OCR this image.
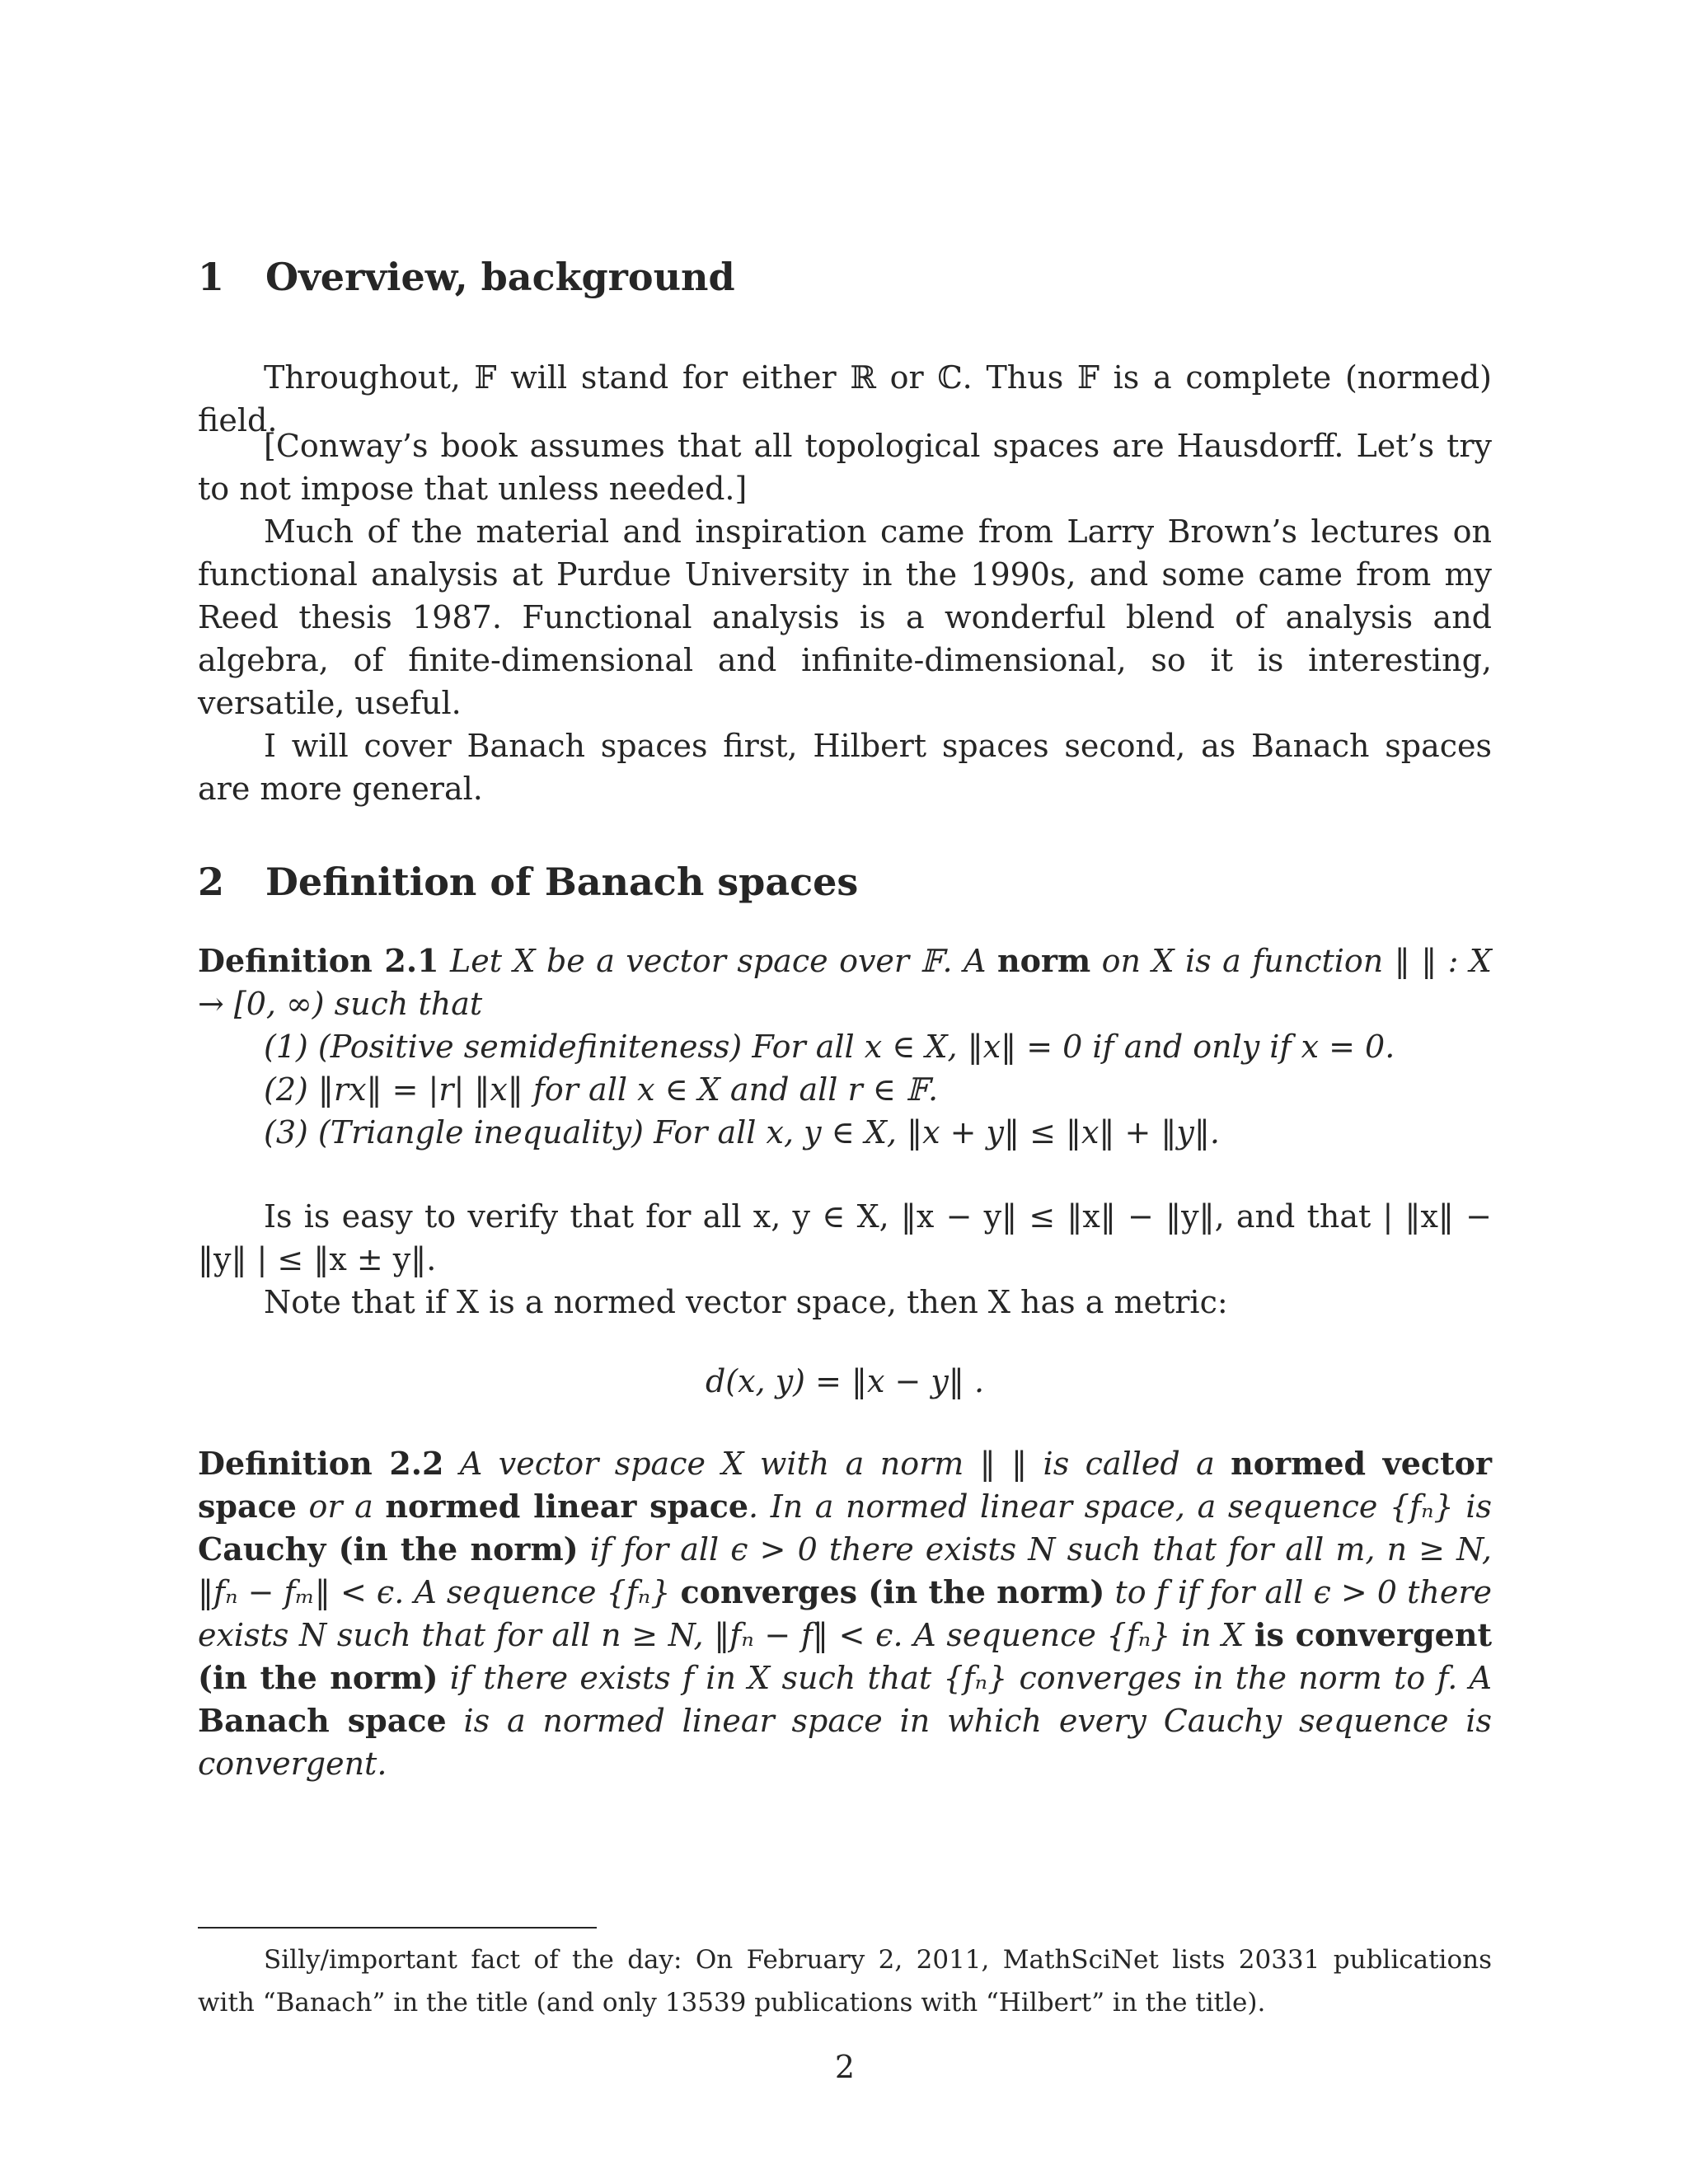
1 Overview, background

Throughout, 𝔽 will stand for either ℝ or ℂ. Thus 𝔽 is a complete (normed) field.

[Conway’s book assumes that all topological spaces are Hausdorff. Let’s try to not impose that unless needed.]

Much of the material and inspiration came from Larry Brown’s lectures on functional analysis at Purdue University in the 1990s, and some came from my Reed thesis 1987. Functional analysis is a wonderful blend of analysis and algebra, of finite-dimensional and infinite-dimensional, so it is interesting, versatile, useful.

I will cover Banach spaces first, Hilbert spaces second, as Banach spaces are more general.

2 Definition of Banach spaces

Definition 2.1 Let X be a vector space over 𝔽. A norm on X is a function ‖ ‖ : X → [0, ∞) such that

(1) (Positive semidefiniteness) For all x ∈ X, ‖x‖ = 0 if and only if x = 0.

(2) ‖rx‖ = |r| ‖x‖ for all x ∈ X and all r ∈ 𝔽.

(3) (Triangle inequality) For all x, y ∈ X, ‖x + y‖ ≤ ‖x‖ + ‖y‖.

Is is easy to verify that for all x, y ∈ X, ‖x − y‖ ≤ ‖x‖ − ‖y‖, and that | ‖x‖ − ‖y‖ | ≤ ‖x ± y‖.

Note that if X is a normed vector space, then X has a metric:

d(x, y) = ‖x − y‖ .

Definition 2.2 A vector space X with a norm ‖ ‖ is called a normed vector space or a normed linear space. In a normed linear space, a sequence {fₙ} is Cauchy (in the norm) if for all ϵ > 0 there exists N such that for all m, n ≥ N, ‖fₙ − fₘ‖ < ϵ. A sequence {fₙ} converges (in the norm) to f if for all ϵ > 0 there exists N such that for all n ≥ N, ‖fₙ − f‖ < ϵ. A sequence {fₙ} in X is convergent (in the norm) if there exists f in X such that {fₙ} converges in the norm to f. A Banach space is a normed linear space in which every Cauchy sequence is convergent.

Silly/important fact of the day: On February 2, 2011, MathSciNet lists 20331 publications with “Banach” in the title (and only 13539 publications with “Hilbert” in the title).

2
